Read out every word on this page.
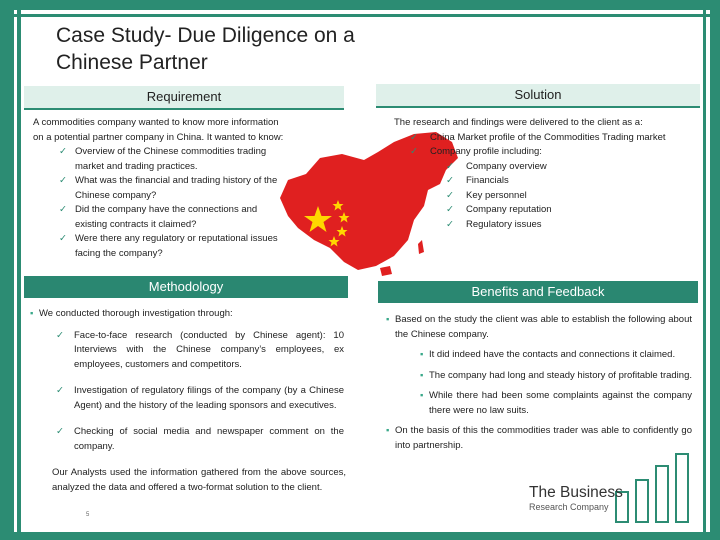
Case Study- Due Diligence on a Chinese Partner
Requirement

A commodities company wanted to know more information on a potential partner company in China. It wanted to know:

✓ Overview of the Chinese commodities trading market and trading practices.
✓ What was the financial and trading history of the Chinese company?
✓ Did the company have the connections and existing contracts it claimed?
✓ Were there any regulatory or reputational issues facing the company?
Solution

The research and findings were delivered to the client as a:

✓	China Market profile of the Commodities Trading market
✓	Company profile including:
✓	Company overview
✓	Financials
✓	Key personnel
✓	Company reputation
✓	Regulatory issues
Methodology
▪ We conducted thorough investigation through:
✓	Face-to-face research (conducted by Chinese agent): 10 Interviews with the Chinese company’s employees, ex employees, customers and competitors.
✓	Investigation of regulatory filings of the company (by a Chinese Agent) and the history of the leading sponsors and executives.
✓	Checking of social media and newspaper comment on the company.

Our Analysts used the information gathered from the above sources, analyzed the data and offered a two-format solution to the client.

Benefits and Feedback
▪ Based on the study the client was able to establish the following about the Chinese company.
▪ It did indeed have the contacts and connections it claimed.
▪ The company had long and steady history of profitable trading.
▪ While there had been some complaints against the company there were no law suits.
▪ On the basis of this the commodities trader was able to confidently go into partnership.
The Business
Research Company
5
